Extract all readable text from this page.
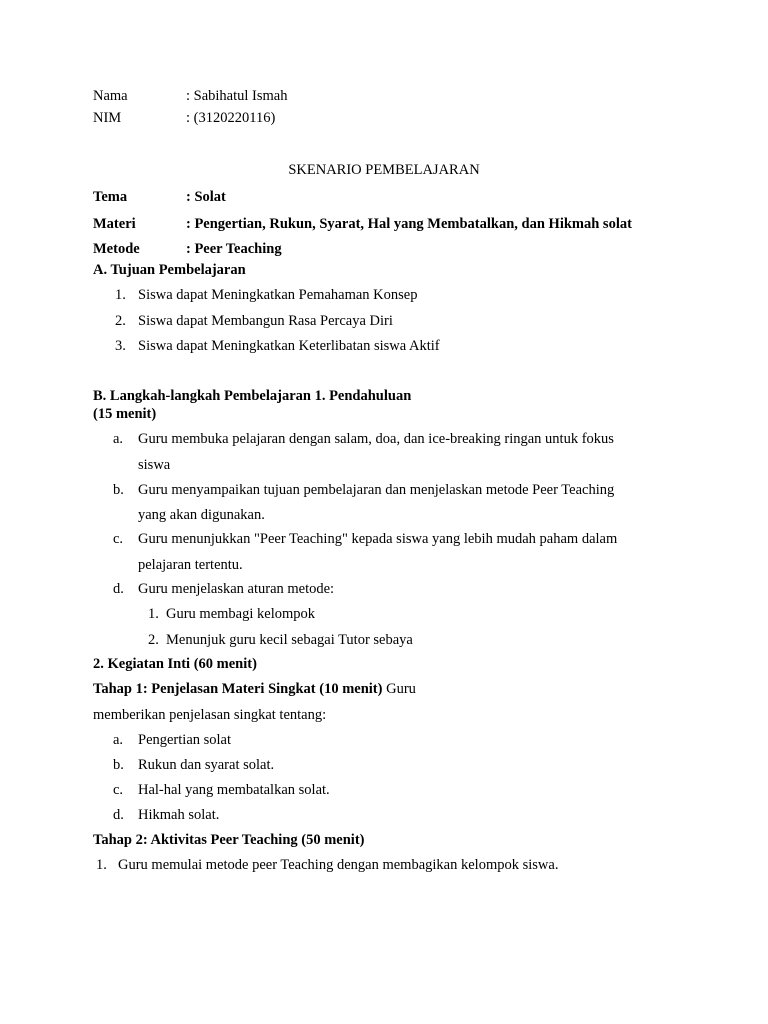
Nama	: Sabihatul Ismah
NIM	: (3120220116)
SKENARIO PEMBELAJARAN
Tema	: Solat
Materi	: Pengertian, Rukun, Syarat, Hal yang Membatalkan, dan Hikmah solat
Metode	: Peer Teaching
A. Tujuan Pembelajaran
1. Siswa dapat Meningkatkan Pemahaman Konsep
2. Siswa dapat Membangun Rasa Percaya Diri
3. Siswa dapat Meningkatkan Keterlibatan siswa Aktif
B. Langkah-langkah Pembelajaran 1. Pendahuluan
(15 menit)
a. Guru membuka pelajaran dengan salam, doa, dan ice-breaking ringan untuk fokus
siswa
b. Guru menyampaikan tujuan pembelajaran dan menjelaskan metode Peer Teaching
yang akan digunakan.
c. Guru menunjukkan "Peer Teaching" kepada siswa yang lebih mudah paham dalam
pelajaran tertentu.
d. Guru menjelaskan aturan metode:
1. Guru membagi kelompok
2. Menunjuk guru kecil sebagai Tutor sebaya
2. Kegiatan Inti (60 menit)
Tahap 1: Penjelasan Materi Singkat (10 menit) Guru
memberikan penjelasan singkat tentang:
a. Pengertian solat
b. Rukun dan syarat solat.
c. Hal-hal yang membatalkan solat.
d. Hikmah solat.
Tahap 2: Aktivitas Peer Teaching (50 menit)
1. Guru memulai metode peer Teaching dengan membagikan kelompok siswa.
